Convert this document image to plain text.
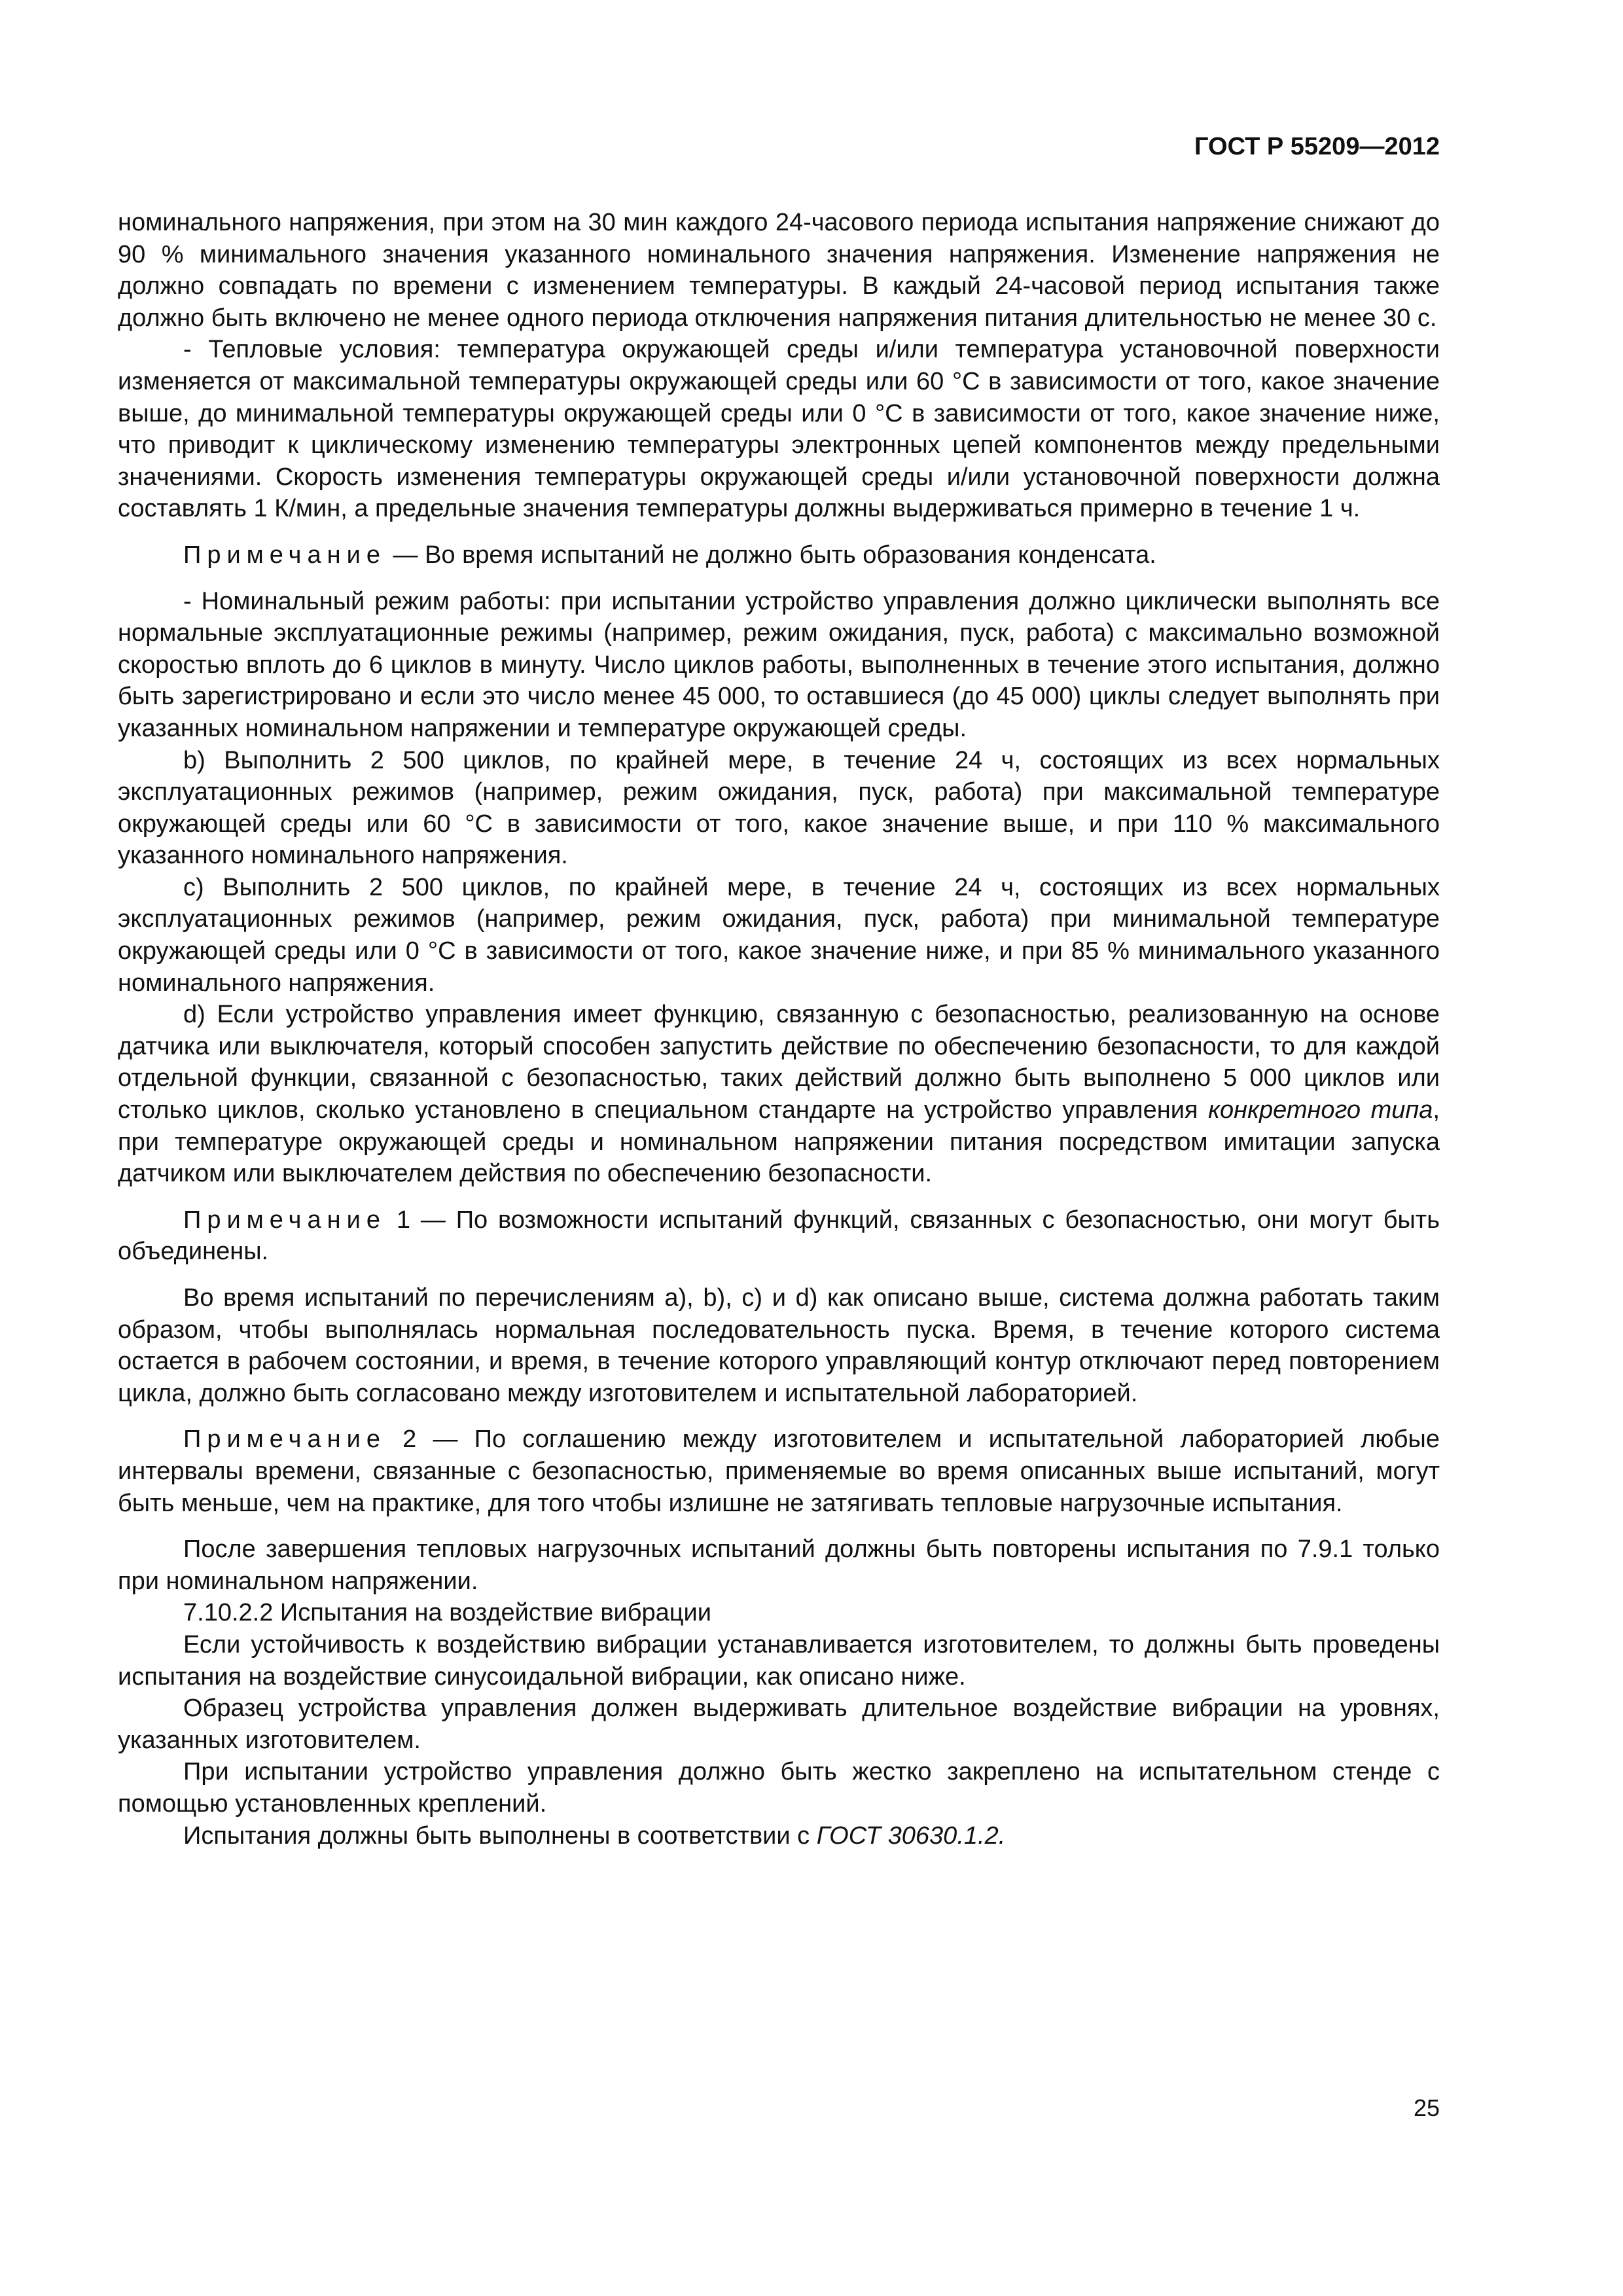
ГОСТ Р 55209—2012

номинального напряжения, при этом на 30 мин каждого 24-часового периода испытания напряжение снижают до 90 % минимального значения указанного номинального значения напряжения. Изменение напряжения не должно совпадать по времени с изменением температуры. В каждый 24-часовой период испытания также должно быть включено не менее одного периода отключения напряжения питания длительностью не менее 30 с.

- Тепловые условия: температура окружающей среды и/или температура установочной поверхности изменяется от максимальной температуры окружающей среды или 60 °С в зависимости от того, какое значение выше, до минимальной температуры окружающей среды или 0 °С в зависимости от того, какое значение ниже, что приводит к циклическому изменению температуры электронных цепей компонентов между предельными значениями. Скорость изменения температуры окружающей среды и/или установочной поверхности должна составлять 1 К/мин, а предельные значения температуры должны выдерживаться примерно в течение 1 ч.

Примечание — Во время испытаний не должно быть образования конденсата.

- Номинальный режим работы: при испытании устройство управления должно циклически выполнять все нормальные эксплуатационные режимы (например, режим ожидания, пуск, работа) с максимально возможной скоростью вплоть до 6 циклов в минуту. Число циклов работы, выполненных в течение этого испытания, должно быть зарегистрировано и если это число менее 45 000, то оставшиеся (до 45 000) циклы следует выполнять при указанных номинальном напряжении и температуре окружающей среды.

b) Выполнить 2 500 циклов, по крайней мере, в течение 24 ч, состоящих из всех нормальных эксплуатационных режимов (например, режим ожидания, пуск, работа) при максимальной температуре окружающей среды или 60 °С в зависимости от того, какое значение выше, и при 110 % максимального указанного номинального напряжения.

c) Выполнить 2 500 циклов, по крайней мере, в течение 24 ч, состоящих из всех нормальных эксплуатационных режимов (например, режим ожидания, пуск, работа) при минимальной температуре окружающей среды или 0 °С в зависимости от того, какое значение ниже, и при 85 % минимального указанного номинального напряжения.

d) Если устройство управления имеет функцию, связанную с безопасностью, реализованную на основе датчика или выключателя, который способен запустить действие по обеспечению безопасности, то для каждой отдельной функции, связанной с безопасностью, таких действий должно быть выполнено 5 000 циклов или столько циклов, сколько установлено в специальном стандарте на устройство управления конкретного типа, при температуре окружающей среды и номинальном напряжении питания посредством имитации запуска датчиком или выключателем действия по обеспечению безопасности.

Примечание 1 — По возможности испытаний функций, связанных с безопасностью, они могут быть объединены.

Во время испытаний по перечислениям a), b), c) и d) как описано выше, система должна работать таким образом, чтобы выполнялась нормальная последовательность пуска. Время, в течение которого система остается в рабочем состоянии, и время, в течение которого управляющий контур отключают перед повторением цикла, должно быть согласовано между изготовителем и испытательной лабораторией.

Примечание 2 — По соглашению между изготовителем и испытательной лабораторией любые интервалы времени, связанные с безопасностью, применяемые во время описанных выше испытаний, могут быть меньше, чем на практике, для того чтобы излишне не затягивать тепловые нагрузочные испытания.

После завершения тепловых нагрузочных испытаний должны быть повторены испытания по 7.9.1 только при номинальном напряжении.

7.10.2.2 Испытания на воздействие вибрации

Если устойчивость к воздействию вибрации устанавливается изготовителем, то должны быть проведены испытания на воздействие синусоидальной вибрации, как описано ниже.

Образец устройства управления должен выдерживать длительное воздействие вибрации на уровнях, указанных изготовителем.

При испытании устройство управления должно быть жестко закреплено на испытательном стенде с помощью установленных креплений.

Испытания должны быть выполнены в соответствии с ГОСТ 30630.1.2.

25
